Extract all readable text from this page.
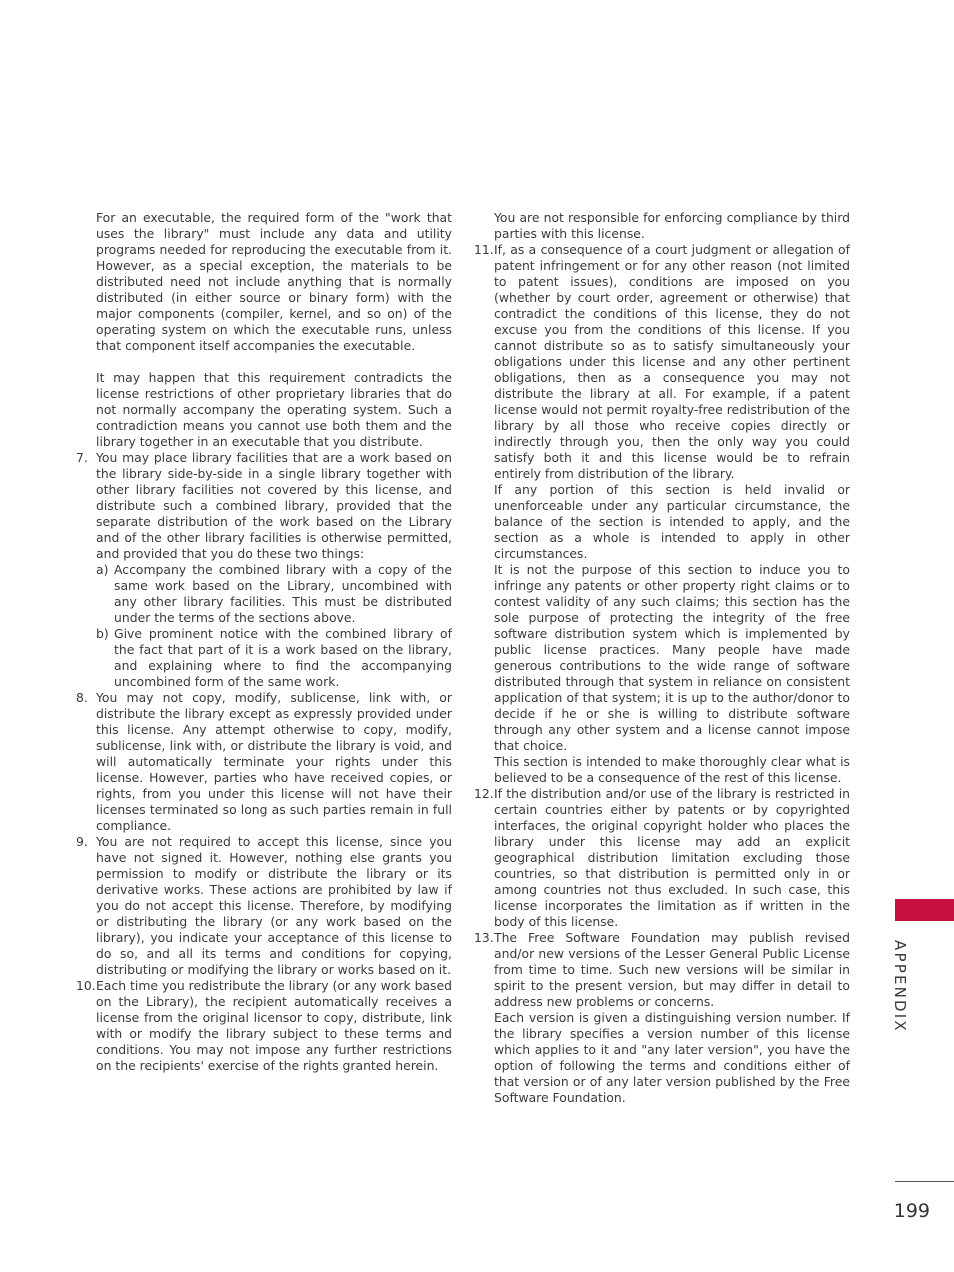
For an executable, the required form of the "work that uses the library" must include any data and utility programs needed for reproducing the executable from it. However, as a special exception, the materials to be distributed need not include anything that is normally distributed (in either source or binary form) with the major components (compiler, kernel, and so on) of the operating system on which the executable runs, unless that component itself accompanies the executable.

It may happen that this requirement contradicts the license restrictions of other proprietary libraries that do not normally accompany the operating system. Such a contradiction means you cannot use both them and the library together in an executable that you distribute.

7. You may place library facilities that are a work based on the library side-by-side in a single library together with other library facilities not covered by this license, and distribute such a combined library, provided that the separate distribution of the work based on the Library and of the other library facilities is otherwise permitted, and provided that you do these two things:

a) Accompany the combined library with a copy of the same work based on the Library, uncombined with any other library facilities. This must be distributed under the terms of the sections above.

b) Give prominent notice with the combined library of the fact that part of it is a work based on the library, and explaining where to find the accompanying uncombined form of the same work.

8. You may not copy, modify, sublicense, link with, or distribute the library except as expressly provided under this license. Any attempt otherwise to copy, modify, sublicense, link with, or distribute the library is void, and will automatically terminate your rights under this license. However, parties who have received copies, or rights, from you under this license will not have their licenses terminated so long as such parties remain in full compliance.

9. You are not required to accept this license, since you have not signed it. However, nothing else grants you permission to modify or distribute the library or its derivative works. These actions are prohibited by law if you do not accept this license. Therefore, by modifying or distributing the library (or any work based on the library), you indicate your acceptance of this license to do so, and all its terms and conditions for copying, distributing or modifying the library or works based on it.

10. Each time you redistribute the library (or any work based on the Library), the recipient automatically receives a license from the original licensor to copy, distribute, link with or modify the library subject to these terms and conditions. You may not impose any further restrictions on the recipients' exercise of the rights granted herein.

You are not responsible for enforcing compliance by third parties with this license.

11. If, as a consequence of a court judgment or allegation of patent infringement or for any other reason (not limited to patent issues), conditions are imposed on you (whether by court order, agreement or otherwise) that contradict the conditions of this license, they do not excuse you from the conditions of this license. If you cannot distribute so as to satisfy simultaneously your obligations under this license and any other pertinent obligations, then as a consequence you may not distribute the library at all. For example, if a patent license would not permit royalty-free redistribution of the library by all those who receive copies directly or indirectly through you, then the only way you could satisfy both it and this license would be to refrain entirely from distribution of the library.

If any portion of this section is held invalid or unenforceable under any particular circumstance, the balance of the section is intended to apply, and the section as a whole is intended to apply in other circumstances.

It is not the purpose of this section to induce you to infringe any patents or other property right claims or to contest validity of any such claims; this section has the sole purpose of protecting the integrity of the free software distribution system which is implemented by public license practices. Many people have made generous contributions to the wide range of software distributed through that system in reliance on consistent application of that system; it is up to the author/donor to decide if he or she is willing to distribute software through any other system and a license cannot impose that choice.

This section is intended to make thoroughly clear what is believed to be a consequence of the rest of this license.

12. If the distribution and/or use of the library is restricted in certain countries either by patents or by copyrighted interfaces, the original copyright holder who places the library under this license may add an explicit geographical distribution limitation excluding those countries, so that distribution is permitted only in or among countries not thus excluded. In such case, this license incorporates the limitation as if written in the body of this license.

13. The Free Software Foundation may publish revised and/or new versions of the Lesser General Public License from time to time. Such new versions will be similar in spirit to the present version, but may differ in detail to address new problems or concerns.

Each version is given a distinguishing version number. If the library specifies a version number of this license which applies to it and "any later version", you have the option of following the terms and conditions either of that version or of any later version published by the Free Software Foundation.

APPENDIX
199
